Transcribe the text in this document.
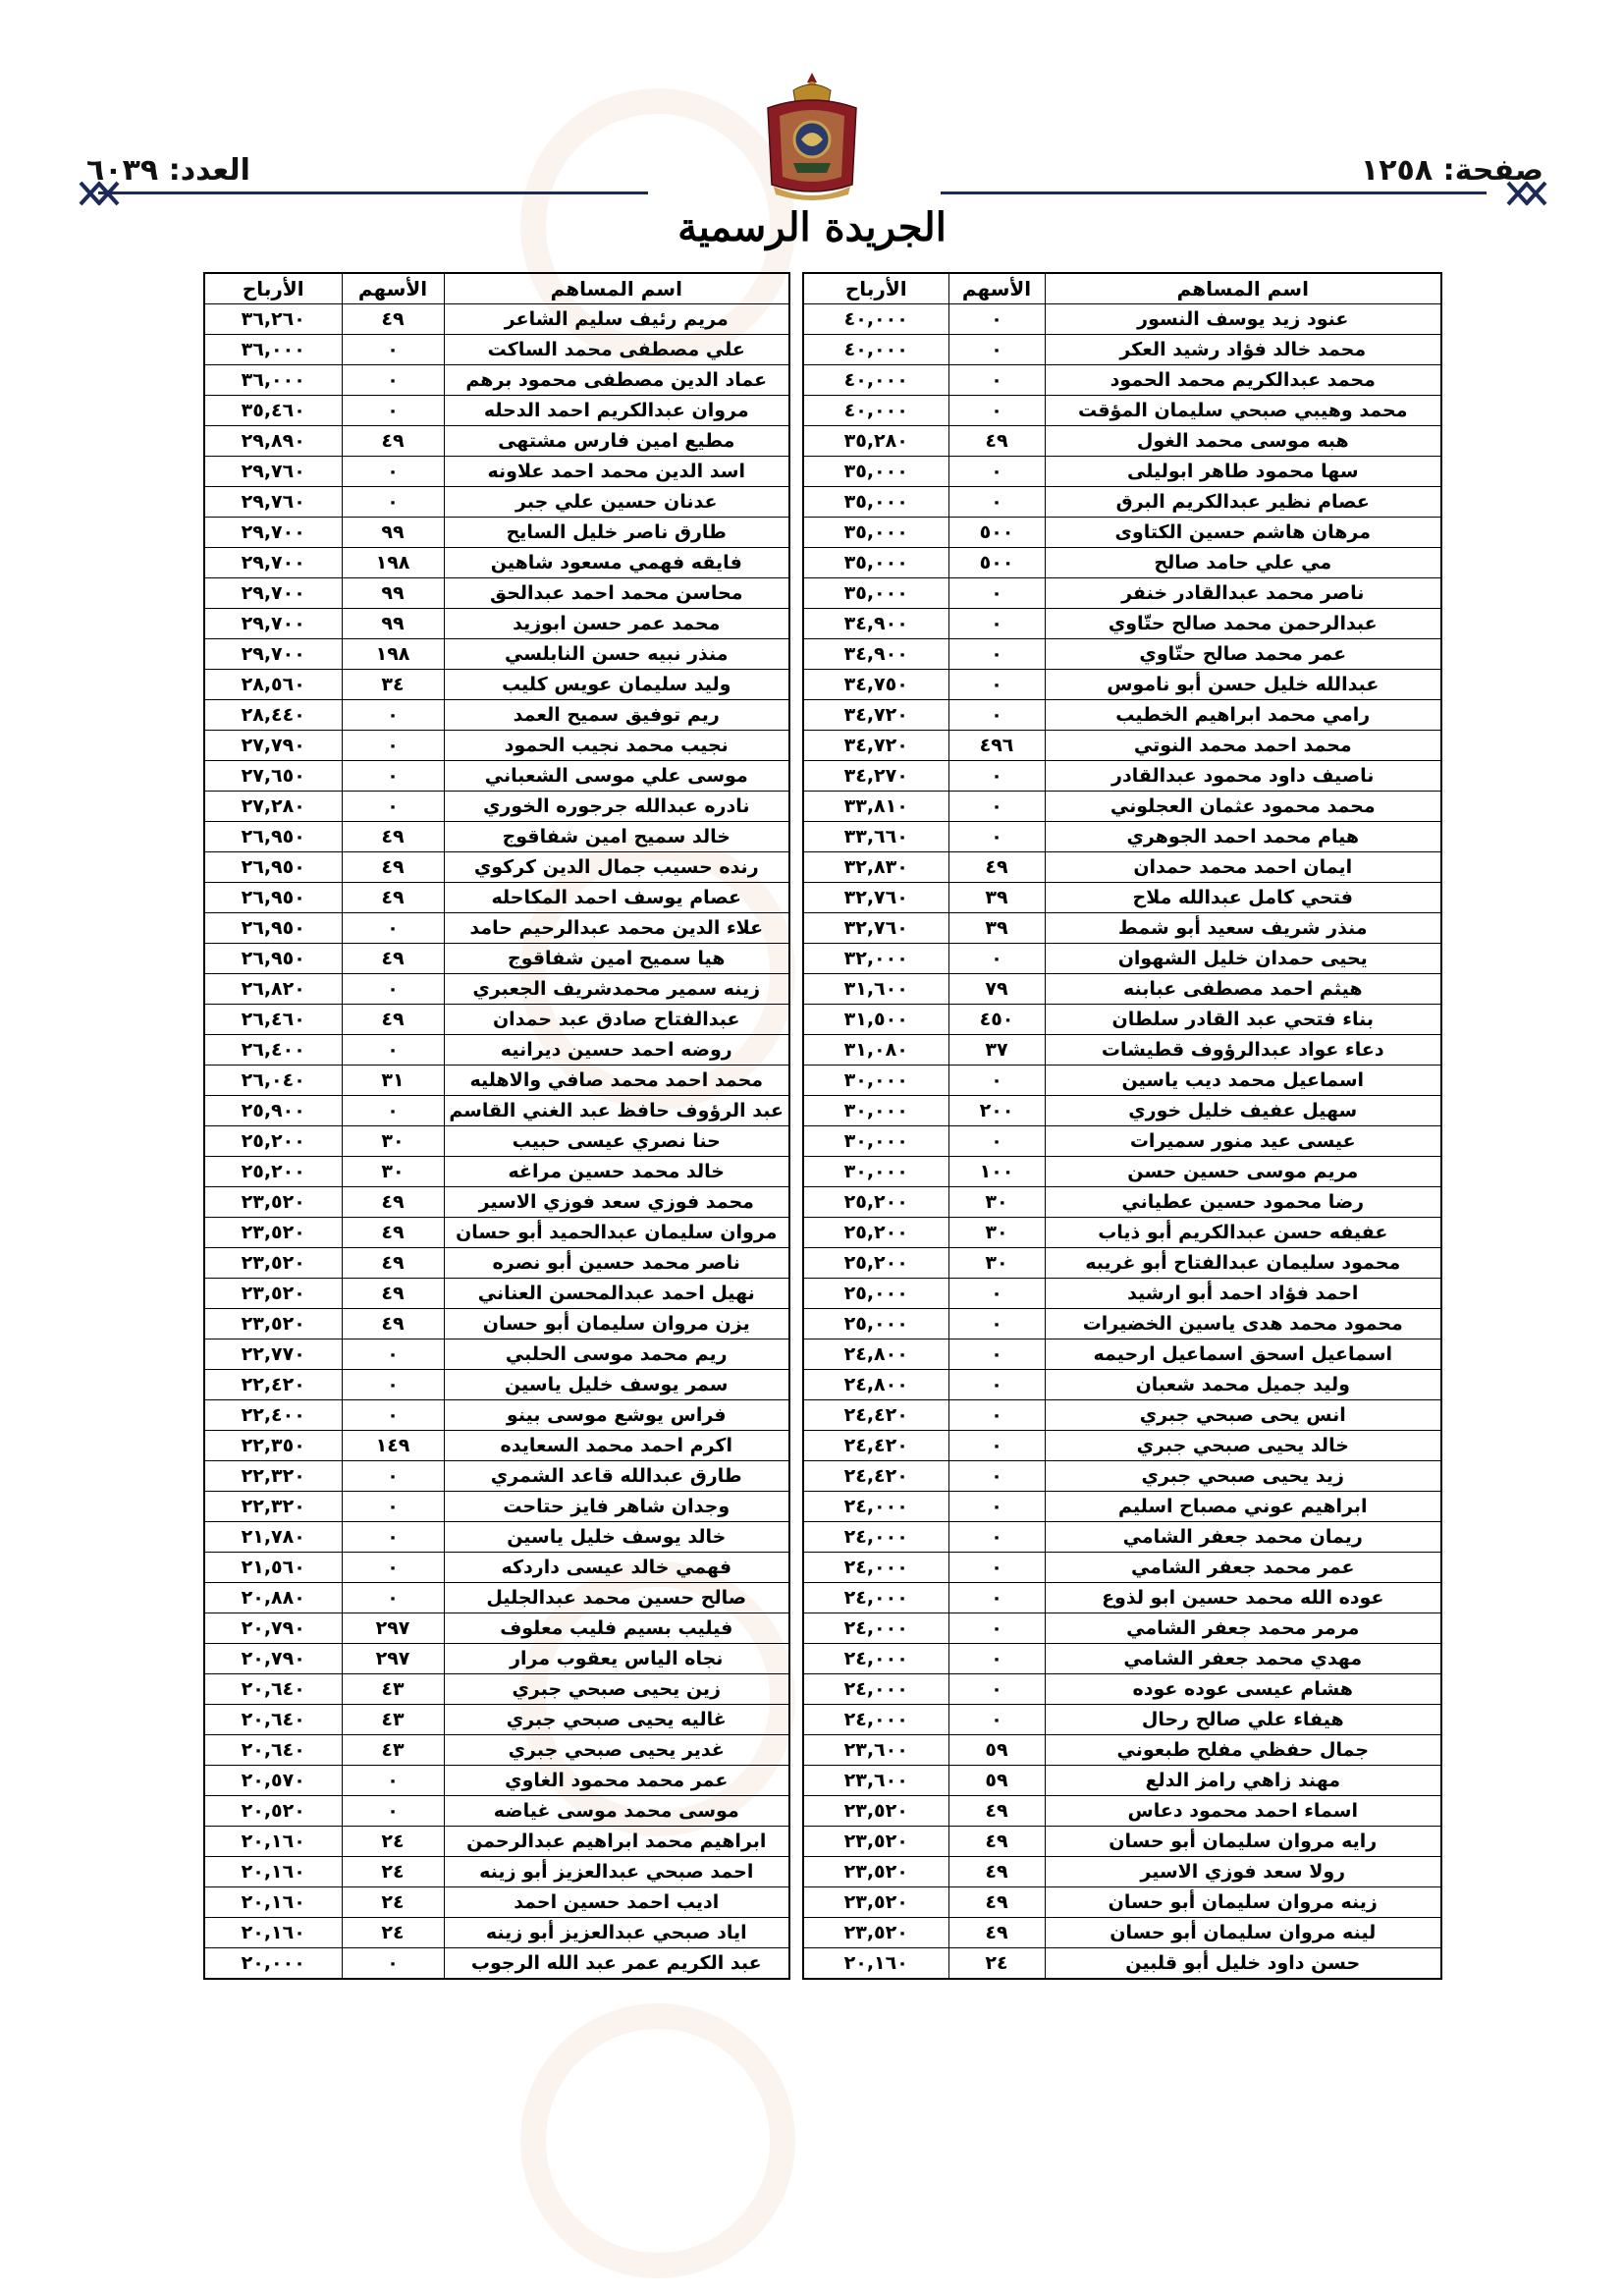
صفحة: ١٢٥٨
العدد: ٦٠٣٩
الجريدة الرسمية
اسم المساهم	الأسهم	الأرباح
عنود زيد يوسف النسور	٠	٤٠,٠٠٠
محمد خالد فؤاد رشيد العكر	٠	٤٠,٠٠٠
محمد عبدالكريم محمد الحمود	٠	٤٠,٠٠٠
محمد وهيبي صبحي سليمان المؤقت	٠	٤٠,٠٠٠
هبه موسى محمد الغول	٤٩	٣٥,٢٨٠
سها محمود طاهر ابوليلى	٠	٣٥,٠٠٠
عصام نظير عبدالكريم البرق	٠	٣٥,٠٠٠
مرهان هاشم حسين الكتاوى	٥٠٠	٣٥,٠٠٠
مي علي حامد صالح	٥٠٠	٣٥,٠٠٠
ناصر محمد عبدالقادر خنفر	٠	٣٥,٠٠٠
عبدالرحمن محمد صالح حتّاوي	٠	٣٤,٩٠٠
عمر محمد صالح حتّاوي	٠	٣٤,٩٠٠
عبدالله خليل حسن أبو ناموس	٠	٣٤,٧٥٠
رامي محمد ابراهيم الخطيب	٠	٣٤,٧٢٠
محمد احمد محمد النوتي	٤٩٦	٣٤,٧٢٠
ناصيف داود محمود عبدالقادر	٠	٣٤,٢٧٠
محمد محمود عثمان العجلوني	٠	٣٣,٨١٠
هيام محمد احمد الجوهري	٠	٣٣,٦٦٠
ايمان احمد محمد حمدان	٤٩	٣٢,٨٣٠
فتحي كامل عبدالله ملاح	٣٩	٣٢,٧٦٠
منذر شريف سعيد أبو شمط	٣٩	٣٢,٧٦٠
يحيى حمدان خليل الشهوان	٠	٣٢,٠٠٠
هيثم احمد مصطفى عبابنه	٧٩	٣١,٦٠٠
بناء فتحي عبد القادر سلطان	٤٥٠	٣١,٥٠٠
دعاء عواد عبدالرؤوف قطيشات	٣٧	٣١,٠٨٠
اسماعيل محمد ديب ياسين	٠	٣٠,٠٠٠
سهيل عفيف خليل خوري	٢٠٠	٣٠,٠٠٠
عيسى عيد منور سميرات	٠	٣٠,٠٠٠
مريم موسى حسين حسن	١٠٠	٣٠,٠٠٠
رضا محمود حسين عطياني	٣٠	٢٥,٢٠٠
عفيفه حسن عبدالكريم أبو ذياب	٣٠	٢٥,٢٠٠
محمود سليمان عبدالفتاح أبو غريبه	٣٠	٢٥,٢٠٠
احمد فؤاد احمد أبو ارشيد	٠	٢٥,٠٠٠
محمود محمد هدى ياسين الخضيرات	٠	٢٥,٠٠٠
اسماعيل اسحق اسماعيل ارحيمه	٠	٢٤,٨٠٠
وليد جميل محمد شعبان	٠	٢٤,٨٠٠
انس يحى صبحي جبري	٠	٢٤,٤٢٠
خالد يحيى صبحي جبري	٠	٢٤,٤٢٠
زيد يحيى صبحي جبري	٠	٢٤,٤٢٠
ابراهيم عوني مصباح اسليم	٠	٢٤,٠٠٠
ريمان محمد جعفر الشامي	٠	٢٤,٠٠٠
عمر محمد جعفر الشامي	٠	٢٤,٠٠٠
عوده الله محمد حسين ابو لذوع	٠	٢٤,٠٠٠
مرمر محمد جعفر الشامي	٠	٢٤,٠٠٠
مهدي محمد جعفر الشامي	٠	٢٤,٠٠٠
هشام عيسى عوده عوده	٠	٢٤,٠٠٠
هيفاء علي صالح رحال	٠	٢٤,٠٠٠
جمال حفظي مفلح طبعوني	٥٩	٢٣,٦٠٠
مهند زاهي رامز الدلع	٥٩	٢٣,٦٠٠
اسماء احمد محمود دعاس	٤٩	٢٣,٥٢٠
رايه مروان سليمان أبو حسان	٤٩	٢٣,٥٢٠
رولا سعد فوزي الاسير	٤٩	٢٣,٥٢٠
زينه مروان سليمان أبو حسان	٤٩	٢٣,٥٢٠
لينه مروان سليمان أبو حسان	٤٩	٢٣,٥٢٠
حسن داود خليل أبو قلبين	٢٤	٢٠,١٦٠
اسم المساهم	الأسهم	الأرباح
مريم رئيف سليم الشاعر	٤٩	٣٦,٢٦٠
علي مصطفى محمد الساكت	٠	٣٦,٠٠٠
عماد الدين مصطفى محمود برهم	٠	٣٦,٠٠٠
مروان عبدالكريم احمد الدحله	٠	٣٥,٤٦٠
مطيع امين فارس مشتهى	٤٩	٢٩,٨٩٠
اسد الدين محمد احمد علاونه	٠	٢٩,٧٦٠
عدنان حسين علي جبر	٠	٢٩,٧٦٠
طارق ناصر خليل السايح	٩٩	٢٩,٧٠٠
فايقه فهمي مسعود شاهين	١٩٨	٢٩,٧٠٠
محاسن محمد احمد عبدالحق	٩٩	٢٩,٧٠٠
محمد عمر حسن ابوزيد	٩٩	٢٩,٧٠٠
منذر نبيه حسن النابلسي	١٩٨	٢٩,٧٠٠
وليد سليمان عويس كليب	٣٤	٢٨,٥٦٠
ريم توفيق سميح العمد	٠	٢٨,٤٤٠
نجيب محمد نجيب الحمود	٠	٢٧,٧٩٠
موسى علي موسى الشعباني	٠	٢٧,٦٥٠
نادره عبدالله جرجوره الخوري	٠	٢٧,٢٨٠
خالد سميح امين شفاقوج	٤٩	٢٦,٩٥٠
رنده حسيب جمال الدين كركوي	٤٩	٢٦,٩٥٠
عصام يوسف احمد المكاحله	٤٩	٢٦,٩٥٠
علاء الدين محمد عبدالرحيم حامد	٠	٢٦,٩٥٠
هيا سميح امين شفاقوج	٤٩	٢٦,٩٥٠
زينه سمير محمدشريف الجعبري	٠	٢٦,٨٢٠
عبدالفتاح صادق عبد حمدان	٤٩	٢٦,٤٦٠
روضه احمد حسين ديرانيه	٠	٢٦,٤٠٠
محمد احمد محمد صافي والاهليه	٣١	٢٦,٠٤٠
عبد الرؤوف حافظ عبد الغني القاسم	٠	٢٥,٩٠٠
حنا نصري عيسى حبيب	٣٠	٢٥,٢٠٠
خالد محمد حسين مراغه	٣٠	٢٥,٢٠٠
محمد فوزي سعد فوزي الاسير	٤٩	٢٣,٥٢٠
مروان سليمان عبدالحميد أبو حسان	٤٩	٢٣,٥٢٠
ناصر محمد حسين أبو نصره	٤٩	٢٣,٥٢٠
نهيل احمد عبدالمحسن العناني	٤٩	٢٣,٥٢٠
يزن مروان سليمان أبو حسان	٤٩	٢٣,٥٢٠
ريم محمد موسى الحلبي	٠	٢٢,٧٧٠
سمر يوسف خليل ياسين	٠	٢٢,٤٢٠
فراس يوشع موسى بينو	٠	٢٢,٤٠٠
اكرم احمد محمد السعايده	١٤٩	٢٢,٣٥٠
طارق عبدالله قاعد الشمري	٠	٢٢,٣٢٠
وجدان شاهر فايز حتاحت	٠	٢٢,٣٢٠
خالد يوسف خليل ياسين	٠	٢١,٧٨٠
فهمي خالد عيسى داردكه	٠	٢١,٥٦٠
صالح حسين محمد عبدالجليل	٠	٢٠,٨٨٠
فيليب بسيم فليب معلوف	٢٩٧	٢٠,٧٩٠
نجاه الياس يعقوب مرار	٢٩٧	٢٠,٧٩٠
زين يحيى صبحي جبري	٤٣	٢٠,٦٤٠
غاليه يحيى صبحي جبري	٤٣	٢٠,٦٤٠
غدير يحيى صبحي جبري	٤٣	٢٠,٦٤٠
عمر محمد محمود الغاوي	٠	٢٠,٥٧٠
موسى محمد موسى غياضه	٠	٢٠,٥٢٠
ابراهيم محمد ابراهيم عبدالرحمن	٢٤	٢٠,١٦٠
احمد صبحي عبدالعزيز أبو زينه	٢٤	٢٠,١٦٠
اديب احمد حسين احمد	٢٤	٢٠,١٦٠
اياد صبحي عبدالعزيز أبو زينه	٢٤	٢٠,١٦٠
عبد الكريم عمر عبد الله الرجوب	٠	٢٠,٠٠٠
